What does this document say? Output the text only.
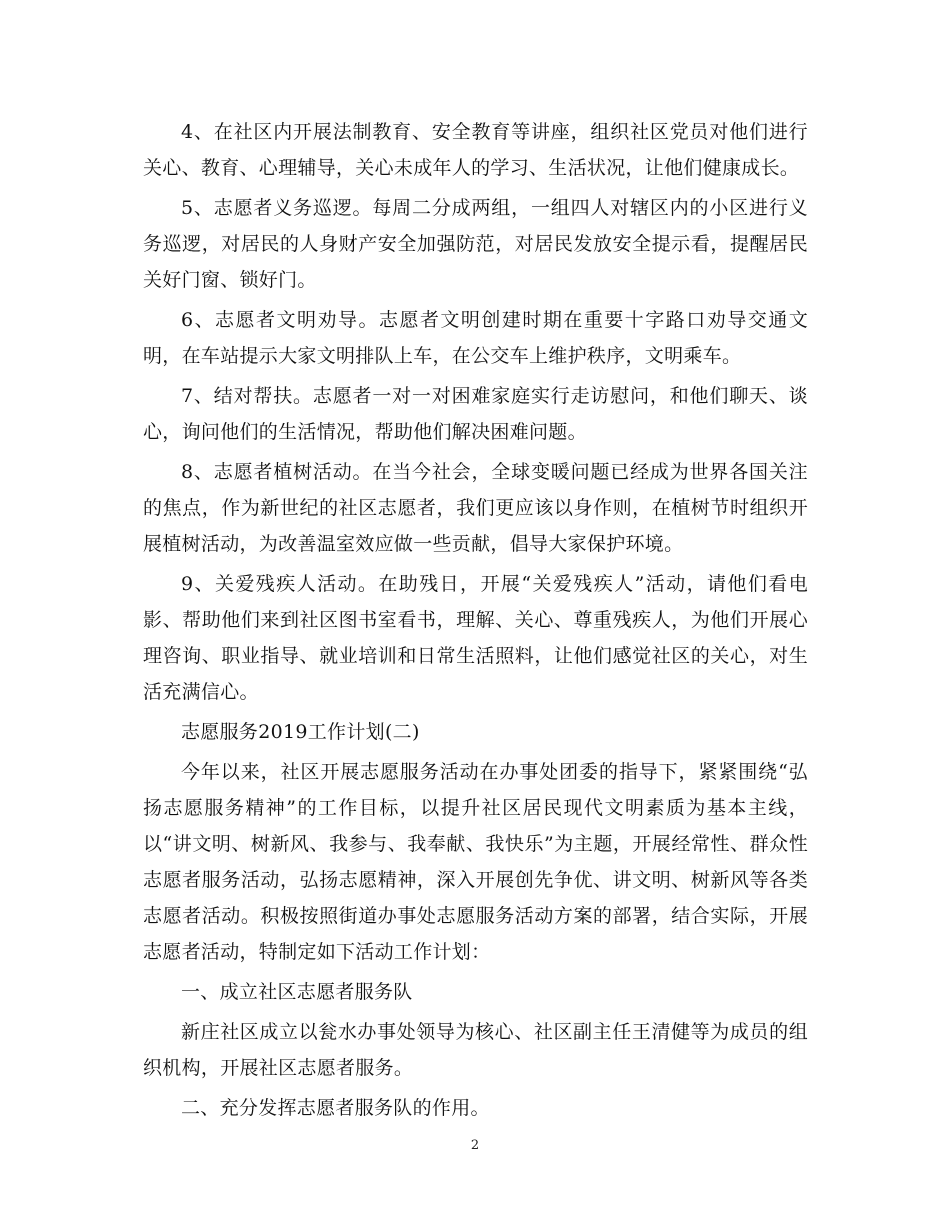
4、在社区内开展法制教育、安全教育等讲座，组织社区党员对他们进行关心、教育、心理辅导，关心未成年人的学习、生活状况，让他们健康成长。

5、志愿者义务巡逻。每周二分成两组，一组四人对辖区内的小区进行义务巡逻，对居民的人身财产安全加强防范，对居民发放安全提示看，提醒居民关好门窗、锁好门。

6、志愿者文明劝导。志愿者文明创建时期在重要十字路口劝导交通文明，在车站提示大家文明排队上车，在公交车上维护秩序，文明乘车。

7、结对帮扶。志愿者一对一对困难家庭实行走访慰问，和他们聊天、谈心，询问他们的生活情况，帮助他们解决困难问题。

8、志愿者植树活动。在当今社会，全球变暖问题已经成为世界各国关注的焦点，作为新世纪的社区志愿者，我们更应该以身作则，在植树节时组织开展植树活动，为改善温室效应做一些贡献，倡导大家保护环境。

9、关爱残疾人活动。在助残日，开展“关爱残疾人”活动，请他们看电影、帮助他们来到社区图书室看书，理解、关心、尊重残疾人，为他们开展心理咨询、职业指导、就业培训和日常生活照料，让他们感觉社区的关心，对生活充满信心。

志愿服务2019工作计划(二)

今年以来，社区开展志愿服务活动在办事处团委的指导下，紧紧围绕“弘扬志愿服务精神”的工作目标，以提升社区居民现代文明素质为基本主线，以“讲文明、树新风、我参与、我奉献、我快乐”为主题，开展经常性、群众性志愿者服务活动，弘扬志愿精神，深入开展创先争优、讲文明、树新风等各类志愿者活动。积极按照街道办事处志愿服务活动方案的部署，结合实际，开展志愿者活动，特制定如下活动工作计划：

一、成立社区志愿者服务队

新庄社区成立以瓮水办事处领导为核心、社区副主任王清健等为成员的组织机构，开展社区志愿者服务。

二、充分发挥志愿者服务队的作用。

2
